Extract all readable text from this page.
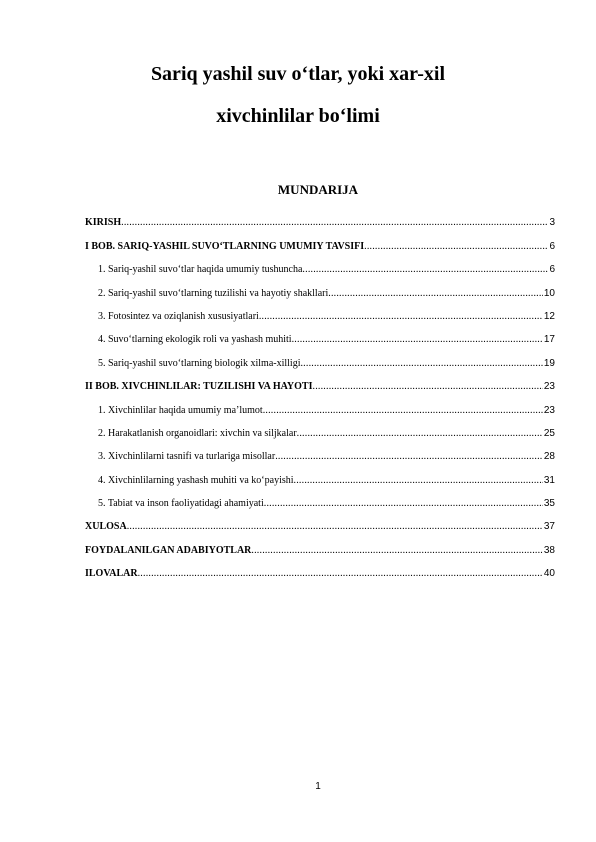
Sariq yashil suv o‘tlar, yoki xar-xil
xivchinlilar bo‘limi
MUNDARIJA
KIRISH .....	3
I BOB. SARIQ-YASHIL SUVO‘TLARNING UMUMIY TAVSIFI .....	6
1. Sariq-yashil suvo‘tlar haqida umumiy tushuncha .....	6
2. Sariq-yashil suvo‘tlarning tuzilishi va hayotiy shakllari .....	10
3. Fotosintez va oziqlanish xususiyatlari .....	12
4. Suvo‘tlarning ekologik roli va yashash muhiti .....	17
5. Sariq-yashil suvo‘tlarning biologik xilma-xilligi .....	19
II BOB. XIVCHINLILAR: TUZILISHI VA HAYOTI .....	23
1. Xivchinlilar haqida umumiy ma’lumot .....	23
2. Harakatlanish organoidlari: xivchin va siljkalar .....	25
3. Xivchinlilarni tasnifi va turlariga misollar .....	28
4. Xivchinlilarning yashash muhiti va ko‘payishi .....	31
5. Tabiat va inson faoliyatidagi ahamiyati .....	35
XULOSA .....	37
FOYDALANILGAN ADABIYOTLAR .....	38
ILOVALAR .....	40
1
